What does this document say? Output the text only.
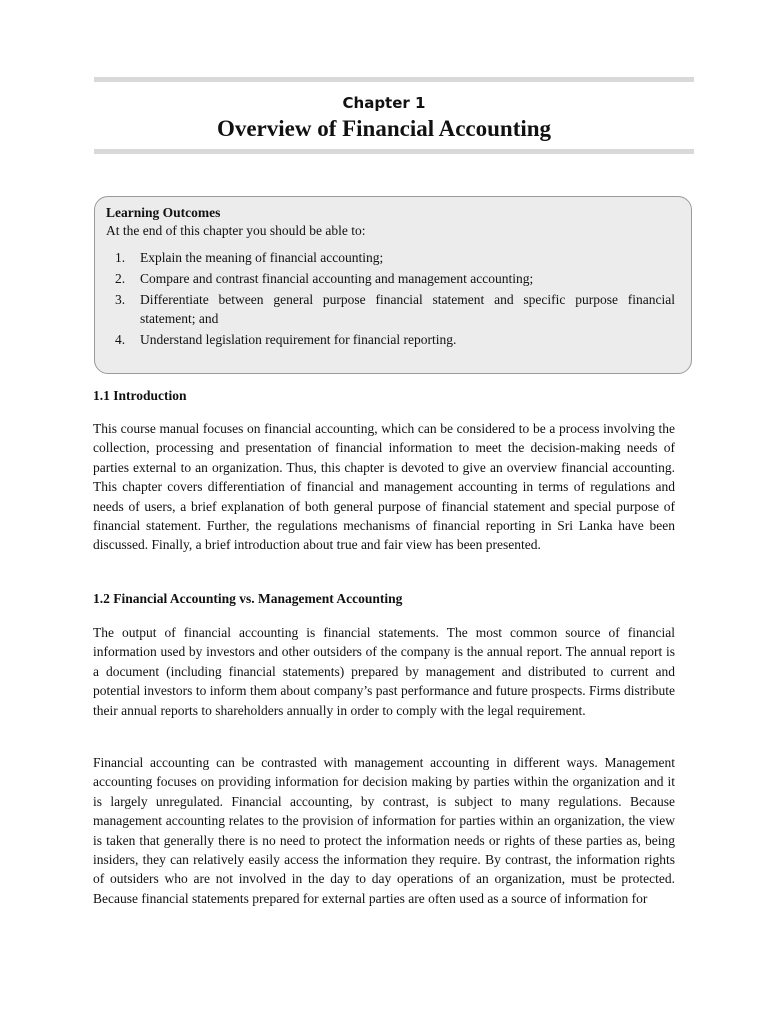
Chapter 1
Overview of Financial Accounting
Learning Outcomes
At the end of this chapter you should be able to:
1.	Explain the meaning of financial accounting;
2.	Compare and contrast financial accounting and management accounting;
3.	Differentiate between general purpose financial statement and specific purpose financial statement; and
4.	Understand legislation requirement for financial reporting.
1.1 Introduction

This course manual focuses on financial accounting, which can be considered to be a process involving the collection, processing and presentation of financial information to meet the decision-making needs of parties external to an organization. Thus, this chapter is devoted to give an overview financial accounting. This chapter covers differentiation of financial and management accounting in terms of regulations and needs of users, a brief explanation of both general purpose of financial statement and special purpose of financial statement. Further, the regulations mechanisms of financial reporting in Sri Lanka have been discussed. Finally, a brief introduction about true and fair view has been presented.

1.2 Financial Accounting vs. Management Accounting

The output of financial accounting is financial statements. The most common source of financial information used by investors and other outsiders of the company is the annual report. The annual report is a document (including financial statements) prepared by management and distributed to current and potential investors to inform them about company’s past performance and future prospects. Firms distribute their annual reports to shareholders annually in order to comply with the legal requirement.

Financial accounting can be contrasted with management accounting in different ways. Management accounting focuses on providing information for decision making by parties within the organization and it is largely unregulated. Financial accounting, by contrast, is subject to many regulations. Because management accounting relates to the provision of information for parties within an organization, the view is taken that generally there is no need to protect the information needs or rights of these parties as, being insiders, they can relatively easily access the information they require. By contrast, the information rights of outsiders who are not involved in the day to day operations of an organization, must be protected. Because financial statements prepared for external parties are often used as a source of information for
